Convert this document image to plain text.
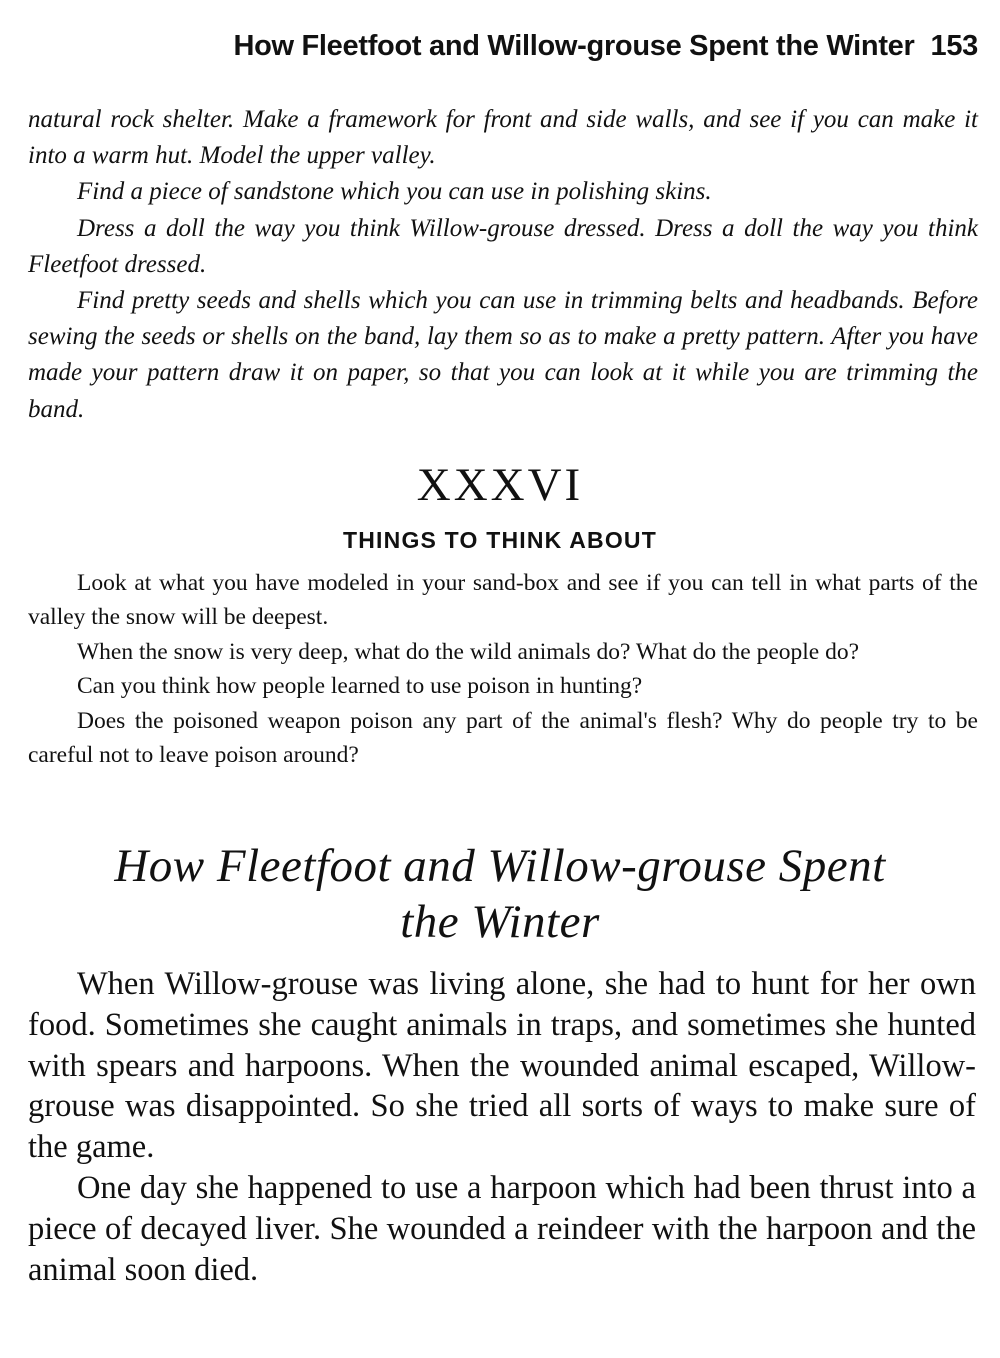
How Fleetfoot and Willow-grouse Spent the Winter 153

natural rock shelter. Make a framework for front and side walls, and see if you can make it into a warm hut. Model the upper valley.

Find a piece of sandstone which you can use in polishing skins.

Dress a doll the way you think Willow-grouse dressed. Dress a doll the way you think Fleetfoot dressed.

Find pretty seeds and shells which you can use in trimming belts and headbands. Before sewing the seeds or shells on the band, lay them so as to make a pretty pattern. After you have made your pattern draw it on paper, so that you can look at it while you are trimming the band.

XXXVI
THINGS TO THINK ABOUT

Look at what you have modeled in your sand-box and see if you can tell in what parts of the valley the snow will be deepest.

When the snow is very deep, what do the wild animals do? What do the people do?

Can you think how people learned to use poison in hunting?

Does the poisoned weapon poison any part of the animal's flesh? Why do people try to be careful not to leave poison around?

How Fleetfoot and Willow-grouse Spent
the Winter

When Willow-grouse was living alone, she had to hunt for her own food. Sometimes she caught animals in traps, and sometimes she hunted with spears and harpoons. When the wounded animal escaped, Willow-grouse was disappointed. So she tried all sorts of ways to make sure of the game.

One day she happened to use a harpoon which had been thrust into a piece of decayed liver. She wounded a reindeer with the harpoon and the animal soon died.
